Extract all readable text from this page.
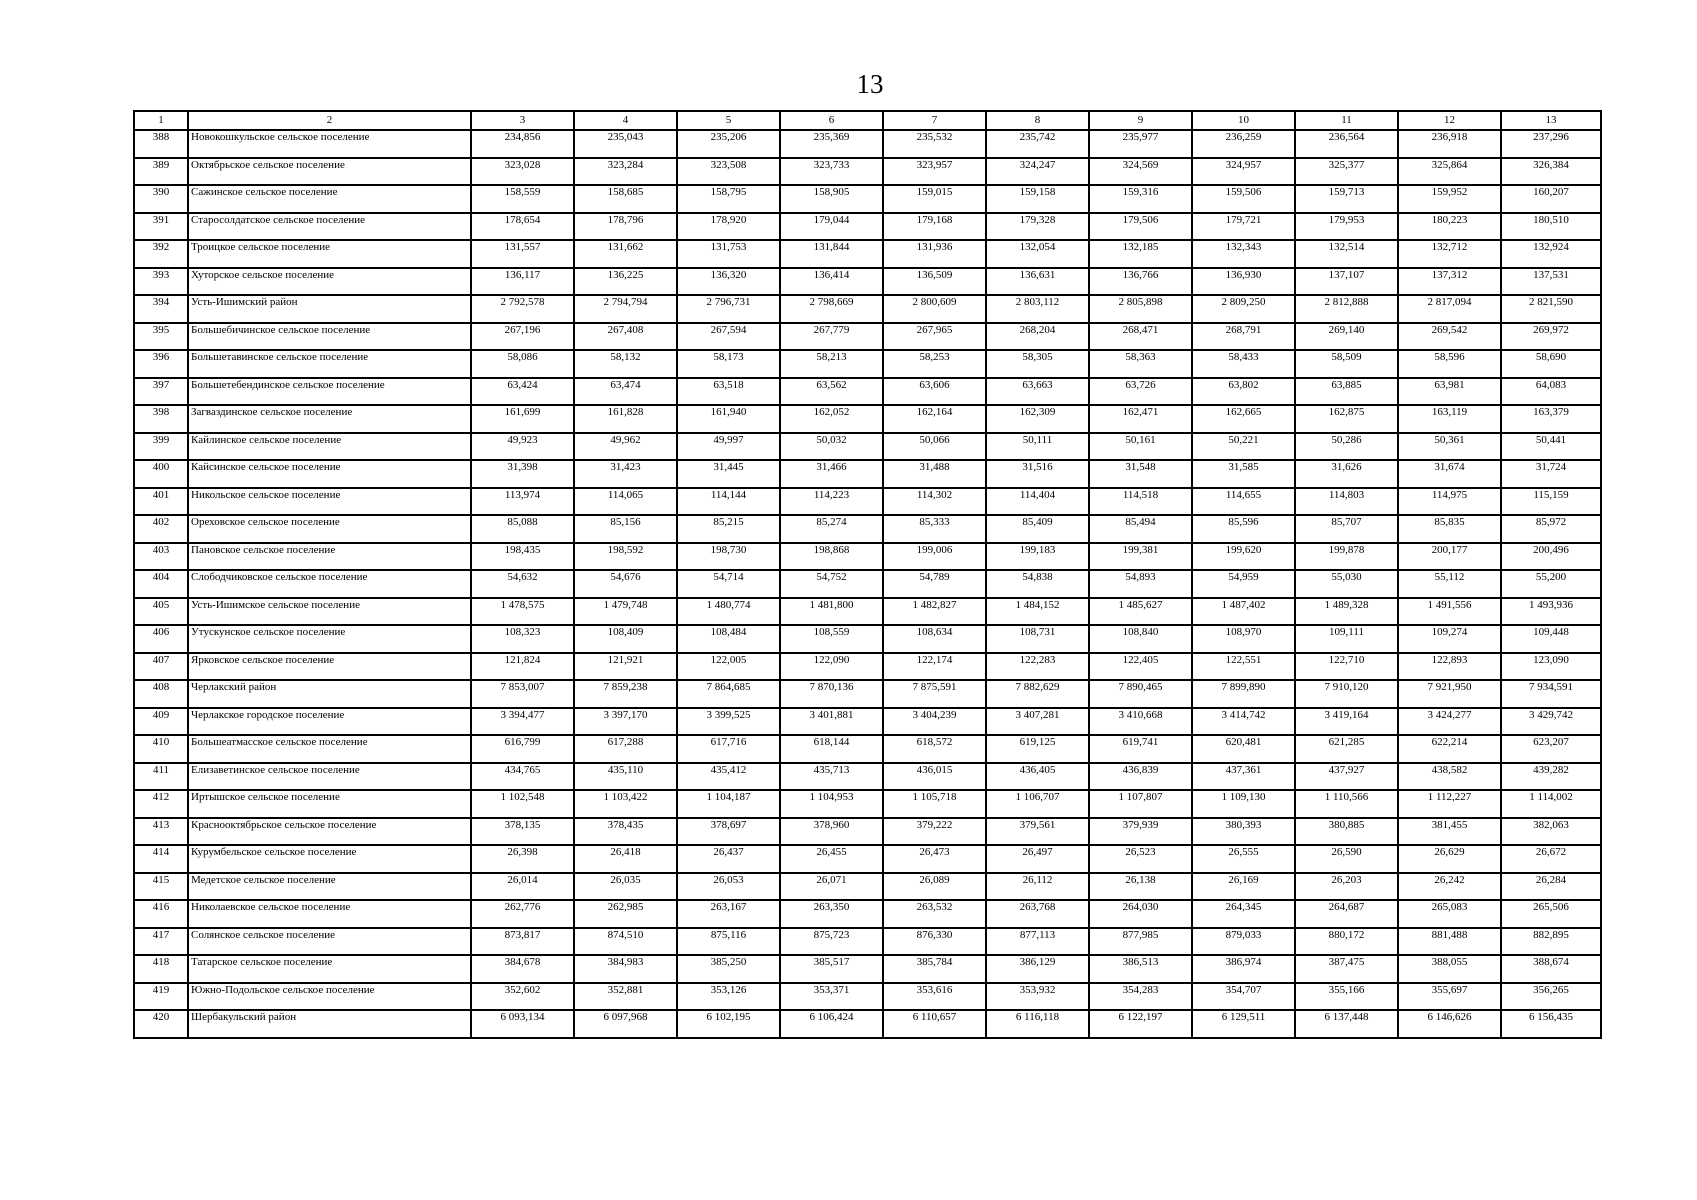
13
1	2	3	4	5	6	7	8	9	10	11	12	13
388	Новокошкульское сельское поселение	234,856	235,043	235,206	235,369	235,532	235,742	235,977	236,259	236,564	236,918	237,296
389	Октябрьское сельское поселение	323,028	323,284	323,508	323,733	323,957	324,247	324,569	324,957	325,377	325,864	326,384
390	Сажинское сельское поселение	158,559	158,685	158,795	158,905	159,015	159,158	159,316	159,506	159,713	159,952	160,207
391	Старосолдатское сельское поселение	178,654	178,796	178,920	179,044	179,168	179,328	179,506	179,721	179,953	180,223	180,510
392	Троицкое сельское поселение	131,557	131,662	131,753	131,844	131,936	132,054	132,185	132,343	132,514	132,712	132,924
393	Хуторское сельское поселение	136,117	136,225	136,320	136,414	136,509	136,631	136,766	136,930	137,107	137,312	137,531
394	Усть-Ишимский район	2 792,578	2 794,794	2 796,731	2 798,669	2 800,609	2 803,112	2 805,898	2 809,250	2 812,888	2 817,094	2 821,590
395	Большебичинское сельское поселение	267,196	267,408	267,594	267,779	267,965	268,204	268,471	268,791	269,140	269,542	269,972
396	Большетавинское сельское поселение	58,086	58,132	58,173	58,213	58,253	58,305	58,363	58,433	58,509	58,596	58,690
397	Большетебендинское сельское поселение	63,424	63,474	63,518	63,562	63,606	63,663	63,726	63,802	63,885	63,981	64,083
398	Загваздинское сельское поселение	161,699	161,828	161,940	162,052	162,164	162,309	162,471	162,665	162,875	163,119	163,379
399	Кайлинское сельское поселение	49,923	49,962	49,997	50,032	50,066	50,111	50,161	50,221	50,286	50,361	50,441
400	Кайсинское сельское поселение	31,398	31,423	31,445	31,466	31,488	31,516	31,548	31,585	31,626	31,674	31,724
401	Никольское сельское поселение	113,974	114,065	114,144	114,223	114,302	114,404	114,518	114,655	114,803	114,975	115,159
402	Ореховское сельское поселение	85,088	85,156	85,215	85,274	85,333	85,409	85,494	85,596	85,707	85,835	85,972
403	Пановское сельское поселение	198,435	198,592	198,730	198,868	199,006	199,183	199,381	199,620	199,878	200,177	200,496
404	Слободчиковское сельское поселение	54,632	54,676	54,714	54,752	54,789	54,838	54,893	54,959	55,030	55,112	55,200
405	Усть-Ишимское сельское поселение	1 478,575	1 479,748	1 480,774	1 481,800	1 482,827	1 484,152	1 485,627	1 487,402	1 489,328	1 491,556	1 493,936
406	Утускунское сельское поселение	108,323	108,409	108,484	108,559	108,634	108,731	108,840	108,970	109,111	109,274	109,448
407	Ярковское сельское поселение	121,824	121,921	122,005	122,090	122,174	122,283	122,405	122,551	122,710	122,893	123,090
408	Черлакский район	7 853,007	7 859,238	7 864,685	7 870,136	7 875,591	7 882,629	7 890,465	7 899,890	7 910,120	7 921,950	7 934,591
409	Черлакское городское поселение	3 394,477	3 397,170	3 399,525	3 401,881	3 404,239	3 407,281	3 410,668	3 414,742	3 419,164	3 424,277	3 429,742
410	Большеатмасское сельское поселение	616,799	617,288	617,716	618,144	618,572	619,125	619,741	620,481	621,285	622,214	623,207
411	Елизаветинское сельское поселение	434,765	435,110	435,412	435,713	436,015	436,405	436,839	437,361	437,927	438,582	439,282
412	Иртышское сельское поселение	1 102,548	1 103,422	1 104,187	1 104,953	1 105,718	1 106,707	1 107,807	1 109,130	1 110,566	1 112,227	1 114,002
413	Краснооктябрьское сельское поселение	378,135	378,435	378,697	378,960	379,222	379,561	379,939	380,393	380,885	381,455	382,063
414	Курумбельское сельское поселение	26,398	26,418	26,437	26,455	26,473	26,497	26,523	26,555	26,590	26,629	26,672
415	Медетское сельское поселение	26,014	26,035	26,053	26,071	26,089	26,112	26,138	26,169	26,203	26,242	26,284
416	Николаевское сельское поселение	262,776	262,985	263,167	263,350	263,532	263,768	264,030	264,345	264,687	265,083	265,506
417	Солянское сельское поселение	873,817	874,510	875,116	875,723	876,330	877,113	877,985	879,033	880,172	881,488	882,895
418	Татарское сельское поселение	384,678	384,983	385,250	385,517	385,784	386,129	386,513	386,974	387,475	388,055	388,674
419	Южно-Подольское сельское поселение	352,602	352,881	353,126	353,371	353,616	353,932	354,283	354,707	355,166	355,697	356,265
420	Шербакульский район	6 093,134	6 097,968	6 102,195	6 106,424	6 110,657	6 116,118	6 122,197	6 129,511	6 137,448	6 146,626	6 156,435
